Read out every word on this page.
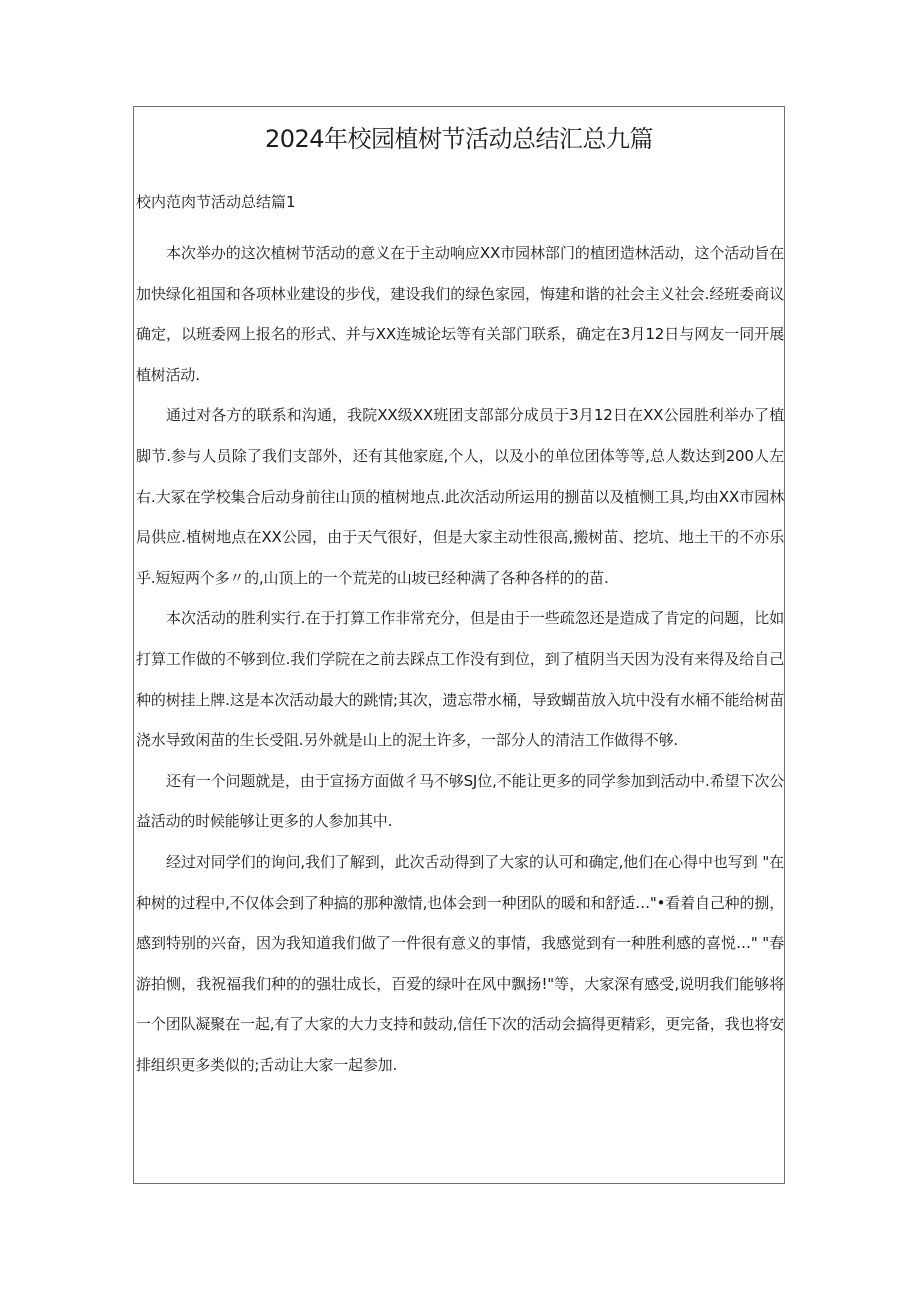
2024年校园植树节活动总结汇总九篇
校内范肉节活动总结篇1

本次举办的这次植树节活动的意义在于主动响应XX市园林部门的植团造林活动，这个活动旨在加快绿化祖国和各项林业建设的步伐，建设我们的绿色家园，悔建和谐的社会主义社会.经班委商议确定，以班委网上报名的形式、并与XX连城论坛等有关部门联系，确定在3月12日与网友一同开展植树活动.

通过对各方的联系和沟通，我院XX级XX班团支部部分成员于3月12日在XX公园胜利举办了植脚节.参与人员除了我们支部外，还有其他家庭,个人，以及小的单位团体等等,总人数达到200人左右.大冢在学校集合后动身前往山顶的植树地点.此次活动所运用的捌苗以及植恻工具,均由XX市园林局供应.植树地点在XX公园，由于天气很好，但是大家主动性很高,搬树苗、挖坑、地土干的不亦乐乎.短短两个多〃的,山顶上的一个荒芜的山坡已经种满了各种各样的的苗.

本次活动的胜利实行.在于打算工作非常充分，但是由于一些疏忽还是造成了肯定的问题，比如打算工作做的不够到位.我们学院在之前去踩点工作没有到位，到了植阴当天因为没有来得及给自己种的树挂上牌.这是本次活动最大的跳情;其次，遗忘带水桶，导致蝴苗放入坑中没有水桶不能给树苗浇水导致闲苗的生长受阻.另外就是山上的泥土许多，一部分人的清洁工作做得不够.

还有一个问题就是，由于宣扬方面做彳马不够SJ位,不能让更多的同学参加到活动中.希望下次公益活动的时候能够让更多的人参加其中.

经过对同学们的询问,我们了解到，此次舌动得到了大家的认可和确定,他们在心得中也写到 "在种树的过程中,不仅体会到了种搞的那种激情,也体会到一种团队的暖和和舒适…"•看着自己种的捌，感到特别的兴奋，因为我知道我们做了一件很有意义的事情，我感觉到有一种胜利感的喜悦…" "春游拍恻，我祝福我们种的的强壮成长，百爱的绿叶在风中飘扬!"等，大家深有感受,说明我们能够将一个团队凝聚在一起,有了大家的大力支持和鼓动,信任下次的活动会搞得更精彩，更完备，我也将安排组织更多类似的;舌动让大家一起参加.
